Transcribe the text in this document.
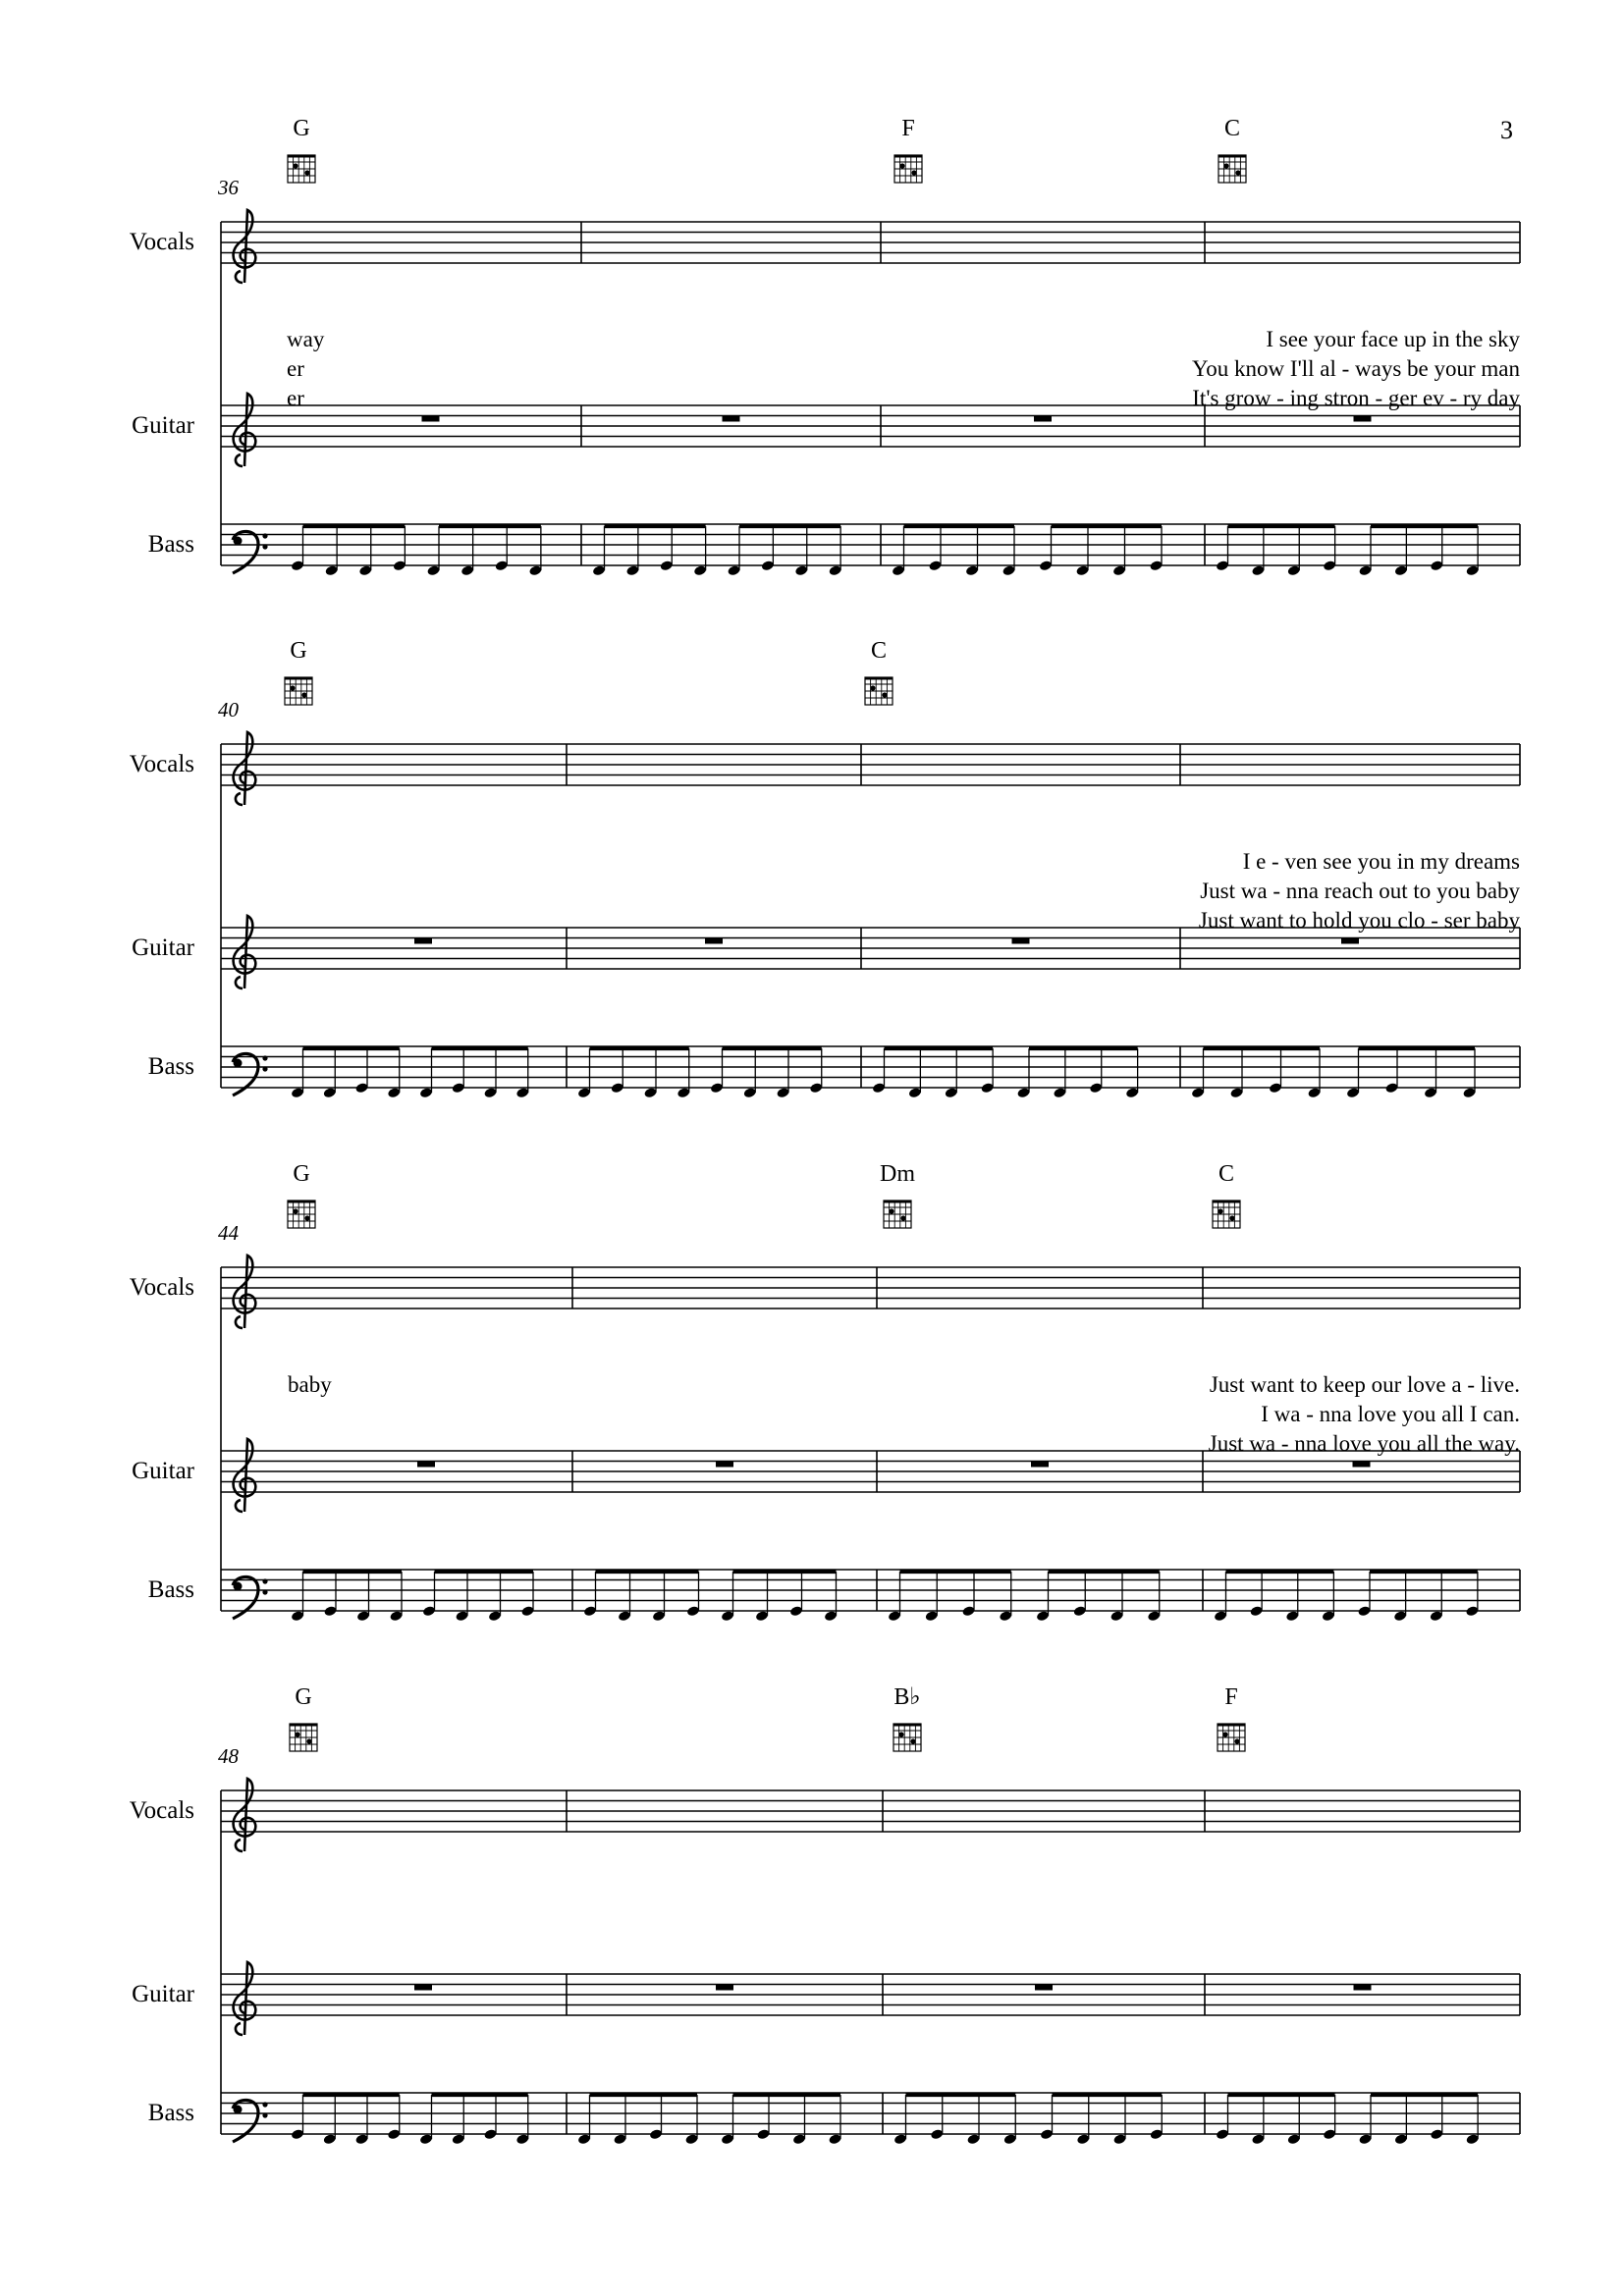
3
Vocals
Guitar
Bass
36
G	F	C
way	I see your face up in the sky
er	You know I'll al - ways be your man
er	It's grow - ing stron - ger ev - ry day
Vocals
Guitar
Bass
40
G	C
I e - ven see you in my dreams
Just wa - nna reach out to you baby
Just want to hold you clo - ser baby
Vocals
Guitar
Bass
44
G	Dm	C
baby	Just want to keep our love a - live.
I wa - nna love you all I can.
Just wa - nna love you all the way.
Vocals
Guitar
Bass
48
G	B♭	F
